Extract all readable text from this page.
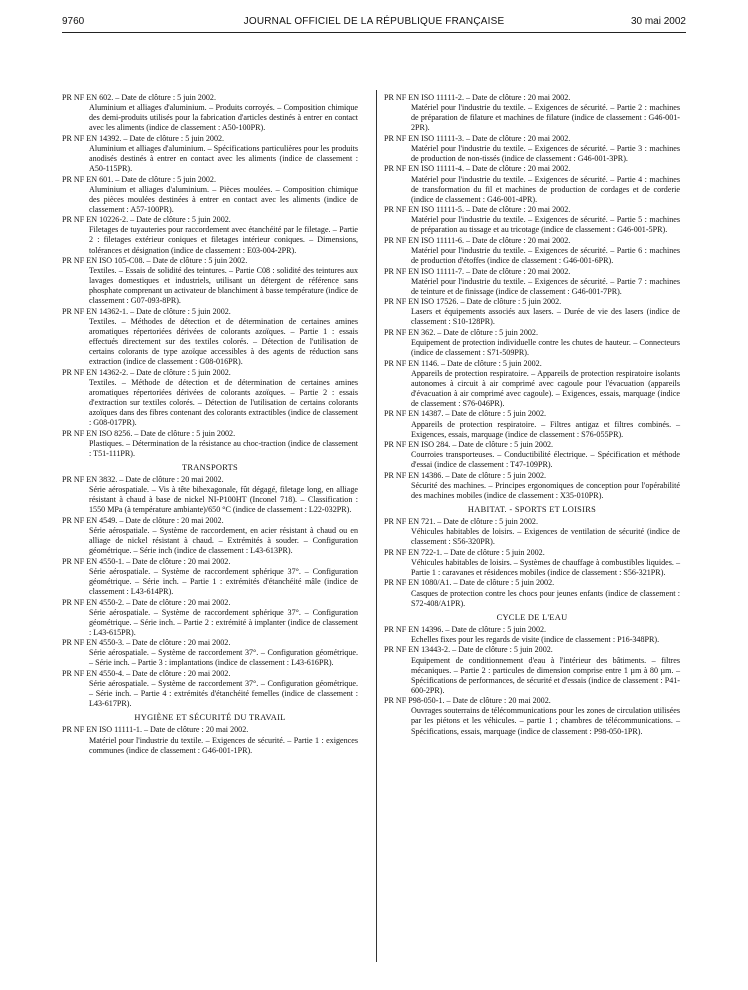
9760	JOURNAL OFFICIEL DE LA RÉPUBLIQUE FRANÇAISE	30 mai 2002
PR NF EN 602. – Date de clôture : 5 juin 2002.
Aluminium et alliages d'aluminium. – Produits corroyés. – Composition chimique des demi-produits utilisés pour la fabrication d'articles destinés à entrer en contact avec les aliments (indice de classement : A50-100PR).
PR NF EN 14392. – Date de clôture : 5 juin 2002.
Aluminium et alliages d'aluminium. – Spécifications particulières pour les produits anodisés destinés à entrer en contact avec les aliments (indice de classement : A50-115PR).
PR NF EN 601. – Date de clôture : 5 juin 2002.
Aluminium et alliages d'aluminium. – Pièces moulées. – Composition chimique des pièces moulées destinées à entrer en contact avec les aliments (indice de classement : A57-100PR).
PR NF EN 10226-2. – Date de clôture : 5 juin 2002.
Filetages de tuyauteries pour raccordement avec étanchéité par le filetage. – Partie 2 : filetages extérieur coniques et filetages intérieur coniques. – Dimensions, tolérances et désignation (indice de classement : E03-004-2PR).
PR NF EN ISO 105-C08. – Date de clôture : 5 juin 2002.
Textiles. – Essais de solidité des teintures. – Partie C08 : solidité des teintures aux lavages domestiques et industriels, utilisant un détergent de référence sans phosphate comprenant un activateur de blanchiment à basse température (indice de classement : G07-093-8PR).
PR NF EN 14362-1. – Date de clôture : 5 juin 2002.
Textiles. – Méthodes de détection et de détermination de certaines amines aromatiques répertoriées dérivées de colorants azoïques. – Partie 1 : essais effectués directement sur des textiles colorés. – Détection de l'utilisation de certains colorants de type azoïque accessibles à des agents de réduction sans extraction (indice de classement : G08-016PR).
PR NF EN 14362-2. – Date de clôture : 5 juin 2002.
Textiles. – Méthode de détection et de détermination de certaines amines aromatiques répertoriées dérivées de colorants azoïques. – Partie 2 : essais d'extraction sur textiles colorés. – Détection de l'utilisation de certains colorants azoïques dans des fibres contenant des colorants extractibles (indice de classement : G08-017PR).
PR NF EN ISO 8256. – Date de clôture : 5 juin 2002.
Plastiques. – Détermination de la résistance au choc-traction (indice de classement : T51-111PR).
TRANSPORTS
PR NF EN 3832. – Date de clôture : 20 mai 2002.
Série aérospatiale. – Vis à tête bihexagonale, fût dégagé, filetage long, en alliage résistant à chaud à base de nickel NI-P100HT (Inconel 718). – Classification : 1550 MPa (à température ambiante)/650 °C (indice de classement : L22-032PR).
PR NF EN 4549. – Date de clôture : 20 mai 2002.
Série aérospatiale. – Système de raccordement, en acier résistant à chaud ou en alliage de nickel résistant à chaud. – Extrémités à souder. – Configuration géométrique. – Série inch (indice de classement : L43-613PR).
PR NF EN 4550-1. – Date de clôture : 20 mai 2002.
Série aérospatiale. – Système de raccordement sphérique 37°. – Configuration géométrique. – Série inch. – Partie 1 : extrémités d'étanchéité mâle (indice de classement : L43-614PR).
PR NF EN 4550-2. – Date de clôture : 20 mai 2002.
Série aérospatiale. – Système de raccordement sphérique 37°. – Configuration géométrique. – Série inch. – Partie 2 : extrémité à implanter (indice de classement : L43-615PR).
PR NF EN 4550-3. – Date de clôture : 20 mai 2002.
Série aérospatiale. – Système de raccordement 37°. – Configuration géométrique. – Série inch. – Partie 3 : implantations (indice de classement : L43-616PR).
PR NF EN 4550-4. – Date de clôture : 20 mai 2002.
Série aérospatiale. – Système de raccordement 37°. – Configuration géométrique. – Série inch. – Partie 4 : extrémités d'étanchéité femelles (indice de classement : L43-617PR).
HYGIÈNE ET SÉCURITÉ DU TRAVAIL
PR NF EN ISO 11111-1. – Date de clôture : 20 mai 2002.
Matériel pour l'industrie du textile. – Exigences de sécurité. – Partie 1 : exigences communes (indice de classement : G46-001-1PR).
PR NF EN ISO 11111-2. – Date de clôture : 20 mai 2002.
Matériel pour l'industrie du textile. – Exigences de sécurité. – Partie 2 : machines de préparation de filature et machines de filature (indice de classement : G46-001-2PR).
PR NF EN ISO 11111-3. – Date de clôture : 20 mai 2002.
Matériel pour l'industrie du textile. – Exigences de sécurité. – Partie 3 : machines de production de non-tissés (indice de classement : G46-001-3PR).
PR NF EN ISO 11111-4. – Date de clôture : 20 mai 2002.
Matériel pour l'industrie du textile. – Exigences de sécurité. – Partie 4 : machines de transformation du fil et machines de production de cordages et de corderie (indice de classement : G46-001-4PR).
PR NF EN ISO 11111-5. – Date de clôture : 20 mai 2002.
Matériel pour l'industrie du textile. – Exigences de sécurité. – Partie 5 : machines de préparation au tissage et au tricotage (indice de classement : G46-001-5PR).
PR NF EN ISO 11111-6. – Date de clôture : 20 mai 2002.
Matériel pour l'industrie du textile. – Exigences de sécurité. – Partie 6 : machines de production d'étoffes (indice de classement : G46-001-6PR).
PR NF EN ISO 11111-7. – Date de clôture : 20 mai 2002.
Matériel pour l'industrie du textile. – Exigences de sécurité. – Partie 7 : machines de teinture et de finissage (indice de classement : G46-001-7PR).
PR NF EN ISO 17526. – Date de clôture : 5 juin 2002.
Lasers et équipements associés aux lasers. – Durée de vie des lasers (indice de classement : S10-128PR).
PR NF EN 362. – Date de clôture : 5 juin 2002.
Equipement de protection individuelle contre les chutes de hauteur. – Connecteurs (indice de classement : S71-509PR).
PR NF EN 1146. – Date de clôture : 5 juin 2002.
Appareils de protection respiratoire. – Appareils de protection respiratoire isolants autonomes à circuit à air comprimé avec cagoule pour l'évacuation (appareils d'évacuation à air comprimé avec cagoule). – Exigences, essais, marquage (indice de classement : S76-046PR).
PR NF EN 14387. – Date de clôture : 5 juin 2002.
Appareils de protection respiratoire. – Filtres antigaz et filtres combinés. – Exigences, essais, marquage (indice de classement : S76-055PR).
PR NF EN ISO 284. – Date de clôture : 5 juin 2002.
Courroies transporteuses. – Conductibilité électrique. – Spécification et méthode d'essai (indice de classement : T47-109PR).
PR NF EN 14386. – Date de clôture : 5 juin 2002.
Sécurité des machines. – Principes ergonomiques de conception pour l'opérabilité des machines mobiles (indice de classement : X35-010PR).
HABITAT. - SPORTS ET LOISIRS
PR NF EN 721. – Date de clôture : 5 juin 2002.
Véhicules habitables de loisirs. – Exigences de ventilation de sécurité (indice de classement : S56-320PR).
PR NF EN 722-1. – Date de clôture : 5 juin 2002.
Véhicules habitables de loisirs. – Systèmes de chauffage à combustibles liquides. – Partie 1 : caravanes et résidences mobiles (indice de classement : S56-321PR).
PR NF EN 1080/A1. – Date de clôture : 5 juin 2002.
Casques de protection contre les chocs pour jeunes enfants (indice de classement : S72-408/A1PR).
CYCLE DE L'EAU
PR NF EN 14396. – Date de clôture : 5 juin 2002.
Echelles fixes pour les regards de visite (indice de classement : P16-348PR).
PR NF EN 13443-2. – Date de clôture : 5 juin 2002.
Equipement de conditionnement d'eau à l'intérieur des bâtiments. – filtres mécaniques. – Partie 2 : particules de dimension comprise entre 1 µm à 80 µm. – Spécifications de performances, de sécurité et d'essais (indice de classement : P41-600-2PR).
PR NF P98-050-1. – Date de clôture : 20 mai 2002.
Ouvrages souterrains de télécommunications pour les zones de circulation utilisées par les piétons et les véhicules. – partie 1 ; chambres de télécommunications. – Spécifications, essais, marquage (indice de classement : P98-050-1PR).
